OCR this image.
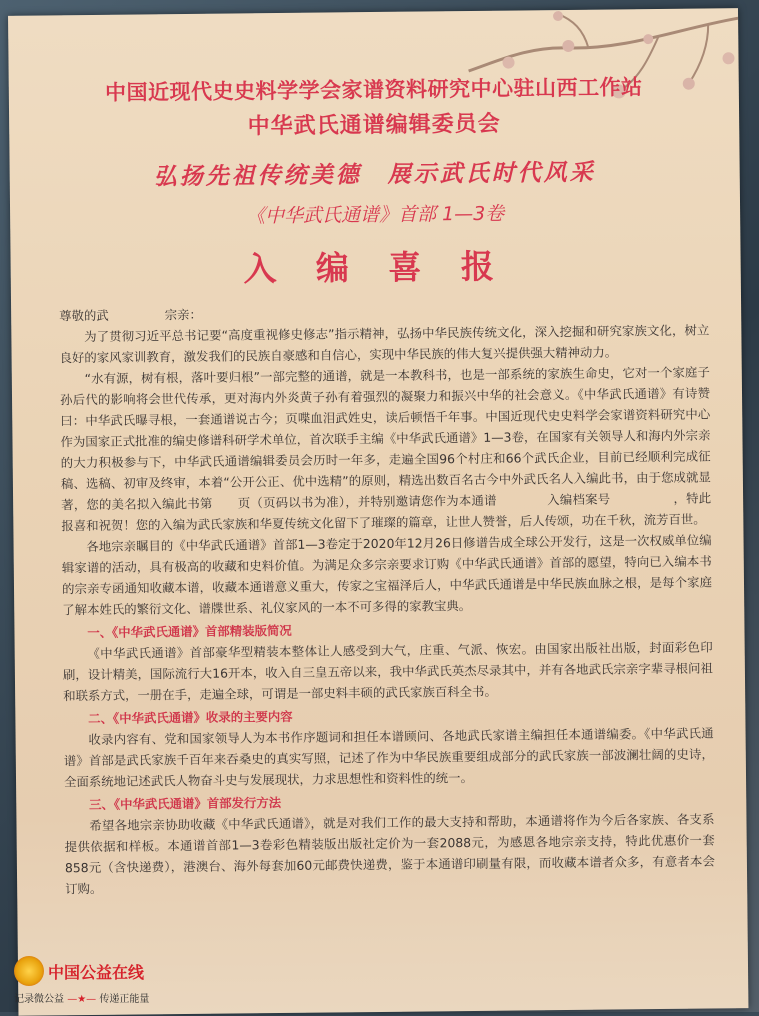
中国近现代史史料学学会家谱资料研究中心驻山西工作站
中华武氏通谱编辑委员会
弘扬先祖传统美德　展示武氏时代风采
《中华武氏通谱》首部 1—3卷
入 编 喜 报

尊敬的武	宗亲：

为了贯彻习近平总书记要“高度重视修史修志”指示精神，弘扬中华民族传统文化，深入挖掘和研究家族文化，树立良好的家风家训教育，激发我们的民族自豪感和自信心，实现中华民族的伟大复兴提供强大精神动力。

“水有源，树有根，落叶要归根”一部完整的通谱，就是一本教科书，也是一部系统的家族生命史，它对一个家庭子孙后代的影响将会世代传承，更对海内外炎黄子孙有着强烈的凝聚力和振兴中华的社会意义。《中华武氏通谱》有诗赞曰：中华武氏曝寻根，一套通谱说古今；页喋血泪武姓史，读后顿悟千年事。中国近现代史史料学会家谱资料研究中心作为国家正式批准的编史修谱科研学术单位，首次联手主编《中华武氏通谱》1—3卷，在国家有关领导人和海内外宗亲的大力积极参与下，中华武氏通谱编辑委员会历时一年多，走遍全国96个村庄和66个武氏企业，目前已经顺利完成征稿、选稿、初审及终审，本着“公开公正、优中选精”的原则，精选出数百名古今中外武氏名人入编此书，由于您成就显著，您的美名拟入编此书第　　页（页码以书为准），并特别邀请您作为本通谱　　　　入编档案号　　　　　，特此报喜和祝贺！您的入编为武氏家族和华夏传统文化留下了璀璨的篇章，让世人赞誉，后人传颂，功在千秋，流芳百世。

各地宗亲瞩目的《中华武氏通谱》首部1—3卷定于2020年12月26日修谱告成全球公开发行，这是一次权威单位编辑家谱的活动，具有极高的收藏和史料价值。为满足众多宗亲要求订购《中华武氏通谱》首部的愿望，特向已入编本书的宗亲专函通知收藏本谱，收藏本通谱意义重大，传家之宝福泽后人，中华武氏通谱是中华民族血脉之根，是每个家庭了解本姓氏的繁衍文化、谱牒世系、礼仪家风的一本不可多得的家教宝典。

一、《中华武氏通谱》首部精装版简况

《中华武氏通谱》首部豪华型精装本整体让人感受到大气，庄重、气派、恢宏。由国家出版社出版，封面彩色印刷，设计精美，国际流行大16开本，收入自三皇五帝以来，我中华武氏英杰尽录其中，并有各地武氏宗亲字辈寻根问祖和联系方式，一册在手，走遍全球，可谓是一部史料丰硕的武氏家族百科全书。

二、《中华武氏通谱》收录的主要内容

收录内容有、党和国家领导人为本书作序题词和担任本谱顾问、各地武氏家谱主编担任本通谱编委。《中华武氏通谱》首部是武氏家族千百年来吞桑史的真实写照，记述了作为中华民族重要组成部分的武氏家族一部波澜壮阔的史诗，全面系统地记述武氏人物奋斗史与发展现状，力求思想性和资料性的统一。

三、《中华武氏通谱》首部发行方法

希望各地宗亲协助收藏《中华武氏通谱》，就是对我们工作的最大支持和帮助，本通谱将作为今后各家族、各支系提供依据和样板。本通谱首部1—3卷彩色精装版出版社定价为一套2088元，为感恩各地宗亲支持，特此优惠价一套858元（含快递费），港澳台、海外每套加60元邮费快递费，鉴于本通谱印刷量有限，而收藏本谱者众多，有意者本会订购。

中国公益在线
记录微公益 —★— 传递正能量
